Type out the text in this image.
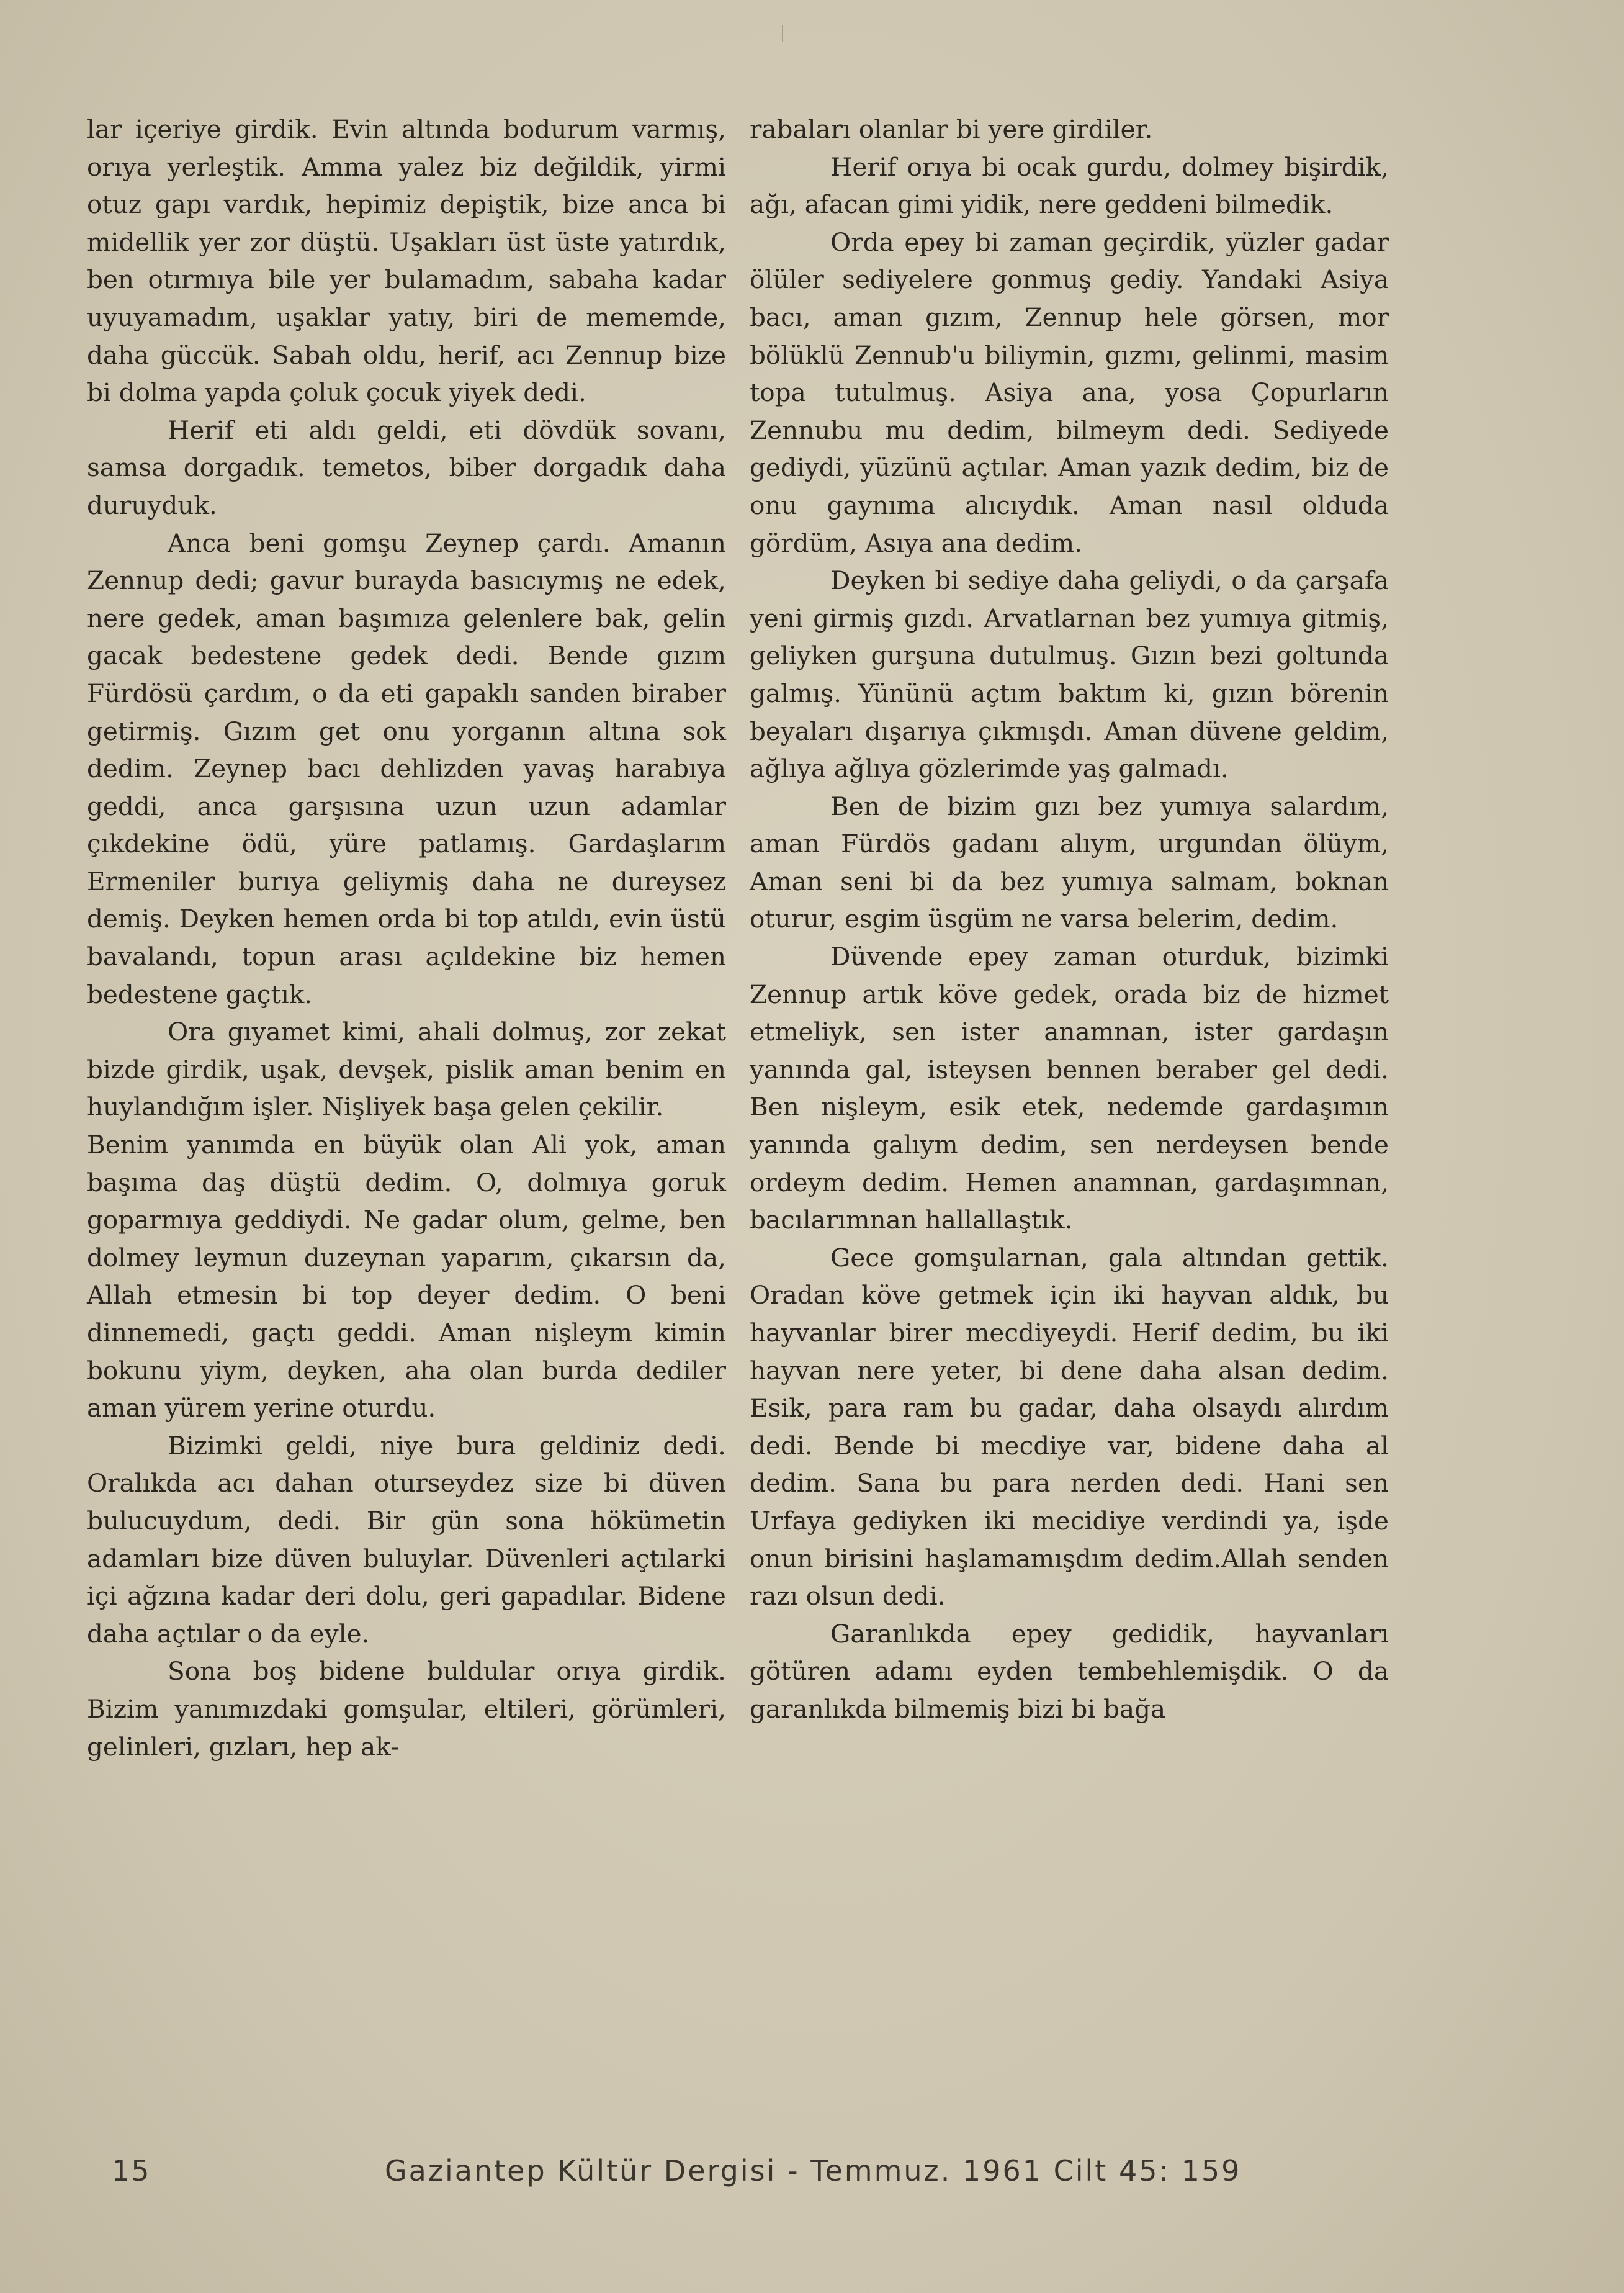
lar içeriye girdik. Evin altında bodurum varmış, orıya yerleştik. Amma yalez biz değildik, yirmi otuz gapı vardık, hepimiz depiştik, bize anca bi midellik yer zor düştü. Uşakları üst üste yatırdık, ben otırmıya bile yer bulamadım, sabaha kadar uyuyamadım, uşaklar yatıy, biri de mememde, daha güccük. Sabah oldu, herif, acı Zennup bize bi dolma yapda çoluk çocuk yiyek dedi.

Herif eti aldı geldi, eti dövdük sovanı, samsa dorgadık. temetos, biber dorgadık daha duruyduk.

Anca beni gomşu Zeynep çardı. Amanın Zennup dedi; gavur burayda basıcıymış ne edek, nere gedek, aman başımıza gelenlere bak, gelin gacak bedestene gedek dedi. Bende gızım Fürdösü çardım, o da eti gapaklı sanden biraber getirmiş. Gızım get onu yorganın altına sok dedim. Zeynep bacı dehlizden yavaş harabıya geddi, anca garşısına uzun uzun adamlar çıkdekine ödü, yüre patlamış. Gardaşlarım Ermeniler burıya geliymiş daha ne dureysez demiş. Deyken hemen orda bi top atıldı, evin üstü bavalandı, topun arası açıldekine biz hemen bedestene gaçtık.

Ora gıyamet kimi, ahali dolmuş, zor zekat bizde girdik, uşak, devşek, pislik aman benim en huylandığım işler. Nişliyek başa gelen çekilir.

Benim yanımda en büyük olan Ali yok, aman başıma daş düştü dedim. O, dolmıya goruk goparmıya geddiydi. Ne gadar olum, gelme, ben dolmey leymun duzeynan yaparım, çıkarsın da, Allah etmesin bi top deyer dedim. O beni dinnemedi, gaçtı geddi. Aman nişleym kimin bokunu yiym, deyken, aha olan burda dediler aman yürem yerine oturdu.

Bizimki geldi, niye bura geldiniz dedi. Oralıkda acı dahan oturseydez size bi düven bulucuydum, dedi. Bir gün sona hökümetin adamları bize düven buluylar. Düvenleri açtılarki içi ağzına kadar deri dolu, geri gapadılar. Bidene daha açtılar o da eyle.

Sona boş bidene buldular orıya girdik. Bizim yanımızdaki gomşular, eltileri, görümleri, gelinleri, gızları, hep ak-

rabaları olanlar bi yere girdiler.

Herif orıya bi ocak gurdu, dolmey bişirdik, ağı, afacan gimi yidik, nere geddeni bilmedik.

Orda epey bi zaman geçirdik, yüzler gadar ölüler sediyelere gonmuş gediy. Yandaki Asiya bacı, aman gızım, Zennup hele görsen, mor bölüklü Zennub'u biliymin, gızmı, gelinmi, masim topa tutulmuş. Asiya ana, yosa Çopurların Zennubu mu dedim, bilmeym dedi. Sediyede gediydi, yüzünü açtılar. Aman yazık dedim, biz de onu gaynıma alıcıydık. Aman nasıl olduda gördüm, Asıya ana dedim.

Deyken bi sediye daha geliydi, o da çarşafa yeni girmiş gızdı. Arvatlarnan bez yumıya gitmiş, geliyken gurşuna dutulmuş. Gızın bezi goltunda galmış. Yününü açtım baktım ki, gızın börenin beyaları dışarıya çıkmışdı. Aman düvene geldim, ağlıya ağlıya gözlerimde yaş galmadı.

Ben de bizim gızı bez yumıya salardım, aman Fürdös gadanı alıym, urgundan ölüym, Aman seni bi da bez yumıya salmam, boknan oturur, esgim üsgüm ne varsa belerim, dedim.

Düvende epey zaman oturduk, bizimki Zennup artık köve gedek, orada biz de hizmet etmeliyk, sen ister anamnan, ister gardaşın yanında gal, isteysen bennen beraber gel dedi. Ben nişleym, esik etek, nedemde gardaşımın yanında galıym dedim, sen nerdeysen bende ordeym dedim. Hemen anamnan, gardaşımnan, bacılarımnan hallallaştık.

Gece gomşularnan, gala altından gettik. Oradan köve getmek için iki hayvan aldık, bu hayvanlar birer mecdiyeydi. Herif dedim, bu iki hayvan nere yeter, bi dene daha alsan dedim. Esik, para ram bu gadar, daha olsaydı alırdım dedi. Bende bi mecdiye var, bidene daha al dedim. Sana bu para nerden dedi. Hani sen Urfaya gediyken iki mecidiye verdindi ya, işde onun birisini haşlamamışdım dedim.Allah senden razı olsun dedi.

Garanlıkda epey gedidik, hayvanları götüren adamı eyden tembehlemişdik. O da garanlıkda bilmemiş bizi bi bağa

15	Gaziantep Kültür Dergisi - Temmuz. 1961 Cilt 45: 159
